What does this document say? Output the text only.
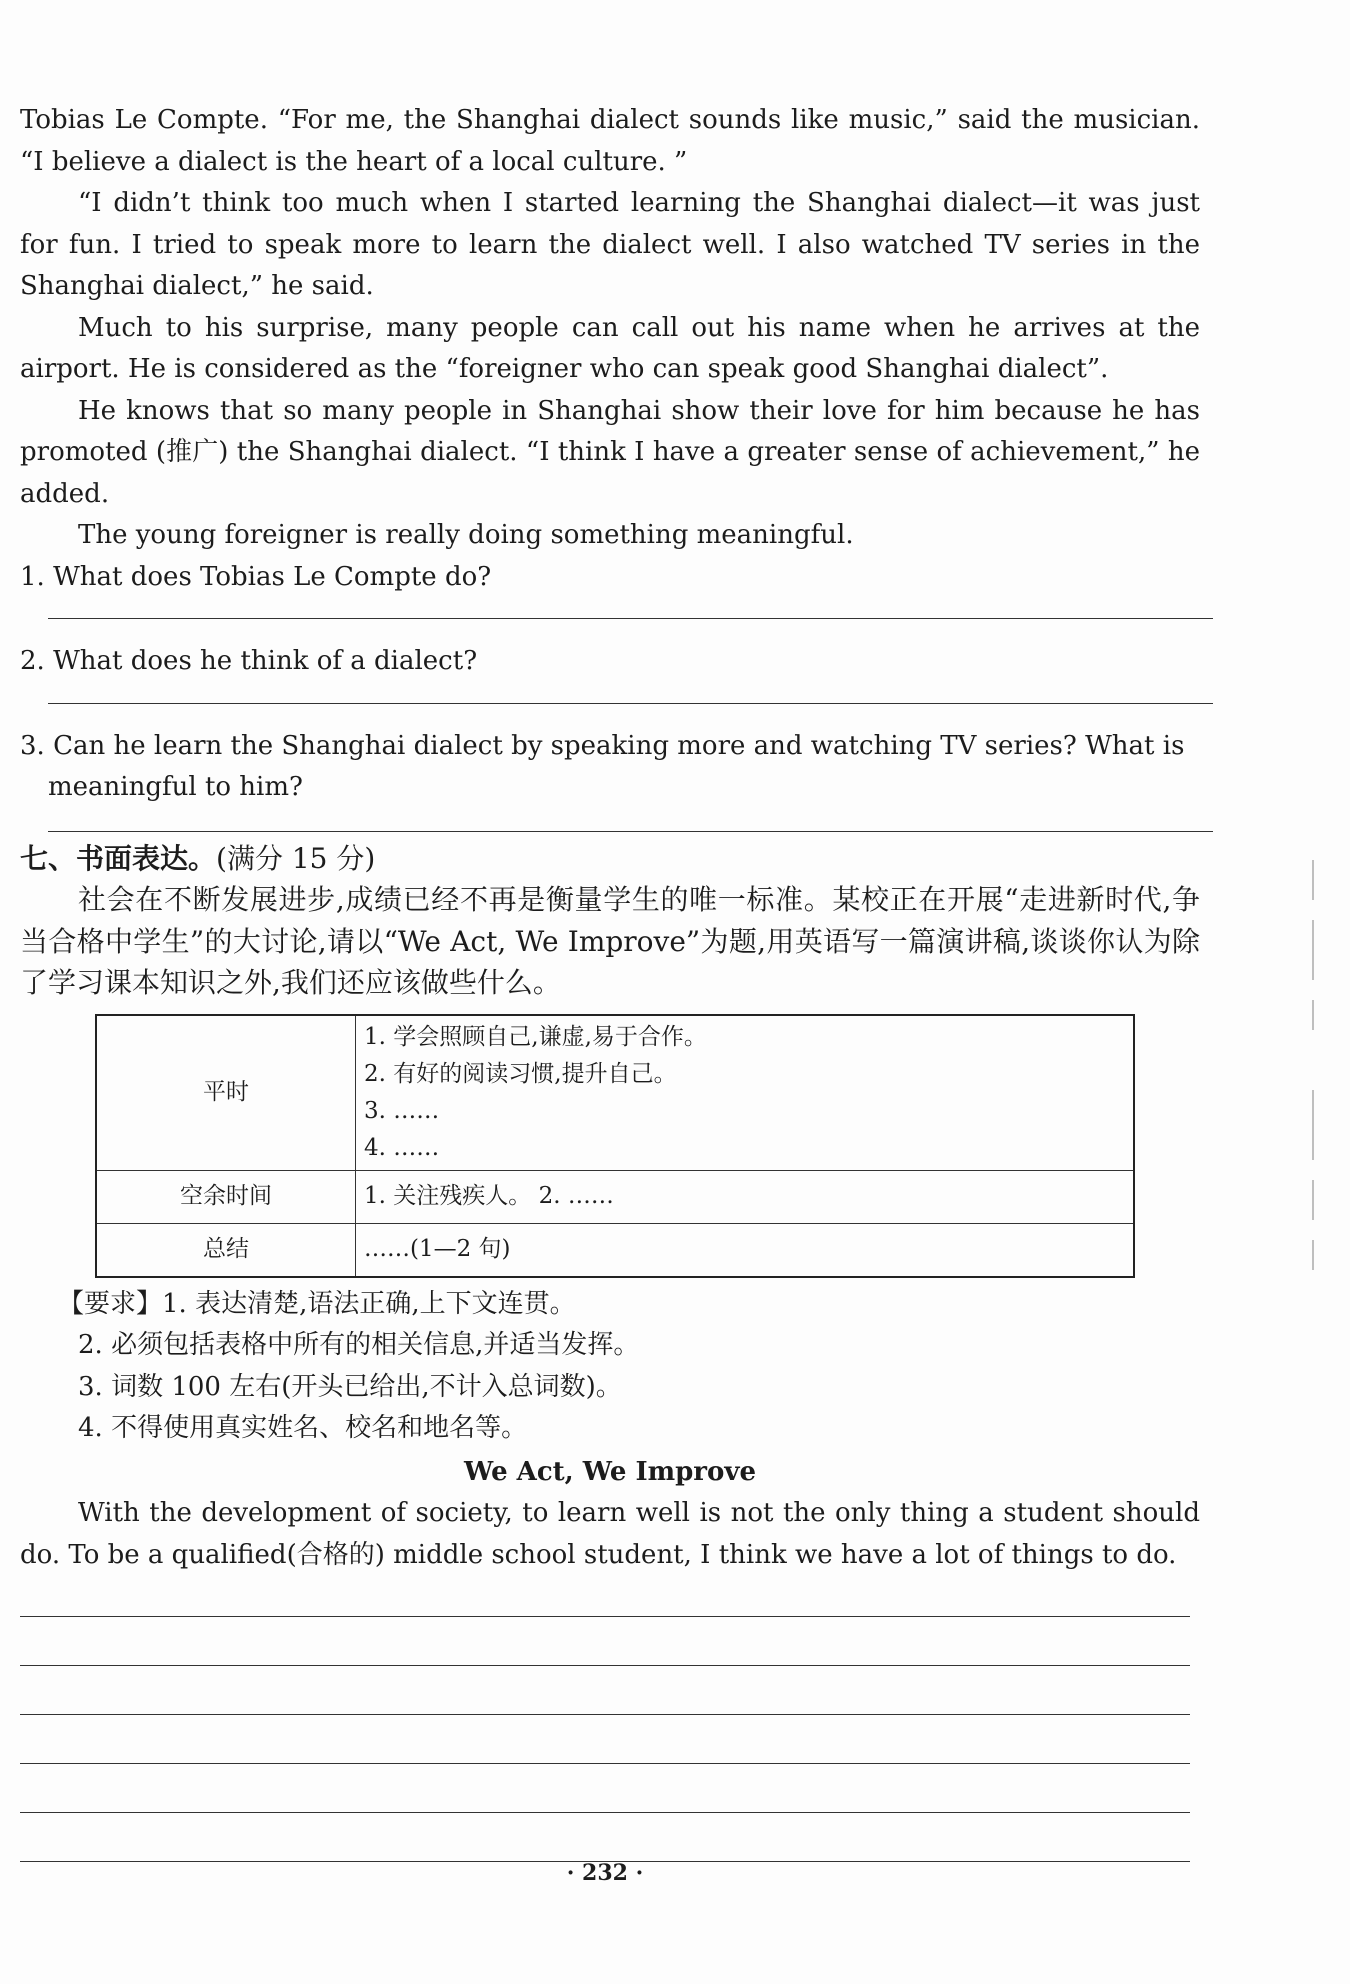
Tobias Le Compte. “For me, the Shanghai dialect sounds like music,” said the musician. “I believe a dialect is the heart of a local culture. ”

“I didn’t think too much when I started learning the Shanghai dialect—it was just for fun. I tried to speak more to learn the dialect well. I also watched TV series in the Shanghai dialect,” he said.

Much to his surprise, many people can call out his name when he arrives at the airport. He is considered as the “foreigner who can speak good Shanghai dialect”.

He knows that so many people in Shanghai show their love for him because he has promoted (推广) the Shanghai dialect. “I think I have a greater sense of achievement,” he added.

The young foreigner is really doing something meaningful.

1. What does Tobias Le Compte do?

2. What does he think of a dialect?

3. Can he learn the Shanghai dialect by speaking more and watching TV series? What is meaningful to him?

七、书面表达。(满分 15 分)

社会在不断发展进步,成绩已经不再是衡量学生的唯一标准。某校正在开展“走进新时代,争当合格中学生”的大讨论,请以“We Act, We Improve”为题,用英语写一篇演讲稿,谈谈你认为除了学习课本知识之外,我们还应该做些什么。

平时	1. 学会照顾自己,谦虚,易于合作。
2. 有好的阅读习惯,提升自己。
3. ……
4. ……

空余时间	1. 关注残疾人。 2. ……
总结	……(1—2 句)

【要求】1. 表达清楚,语法正确,上下文连贯。

2. 必须包括表格中所有的相关信息,并适当发挥。

3. 词数 100 左右(开头已给出,不计入总词数)。

4. 不得使用真实姓名、校名和地名等。

We Act, We Improve

With the development of society, to learn well is not the only thing a student should do. To be a qualified(合格的) middle school student, I think we have a lot of things to do.

· 232 ·
